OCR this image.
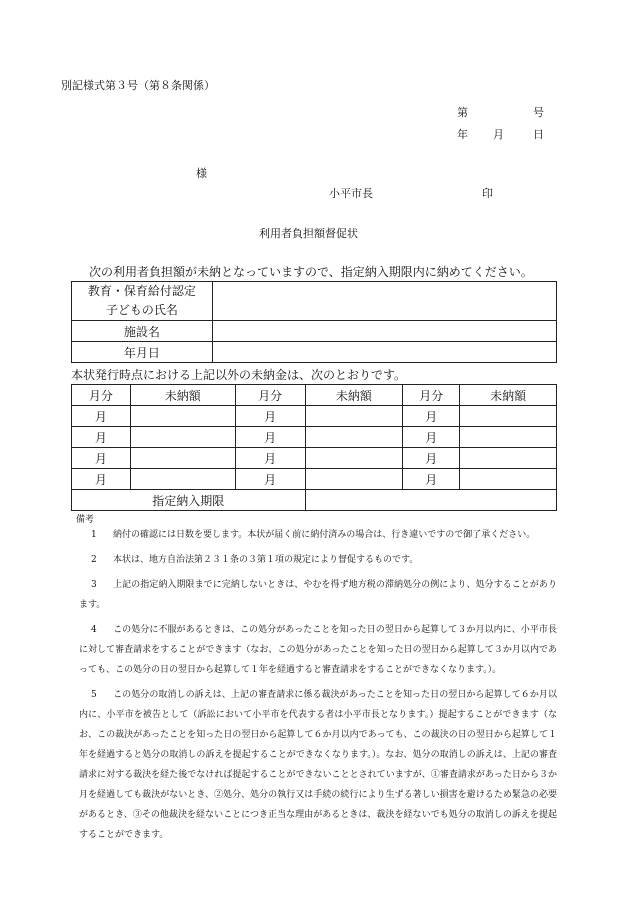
別記様式第３号（第８条関係）
第	号
年 月	日
様
小平市長	印
利用者負担額督促状
次の利用者負担額が未納となっていますので、指定納入期限内に納めてください。
教育・保育給付認定
子どもの氏名	

施設名	
年月日	
本状発行時点における上記以外の未納金は、次のとおりです。
月分	未納額	月分	未納額	月分	未納額
月		月		月	
月		月		月	
月		月		月	
月		月		月	
指定納入期限					
備考

1 納付の確認には日数を要します。本状が届く前に納付済みの場合は、行き違いですので御了承ください。

2 本状は、地方自治法第２３１条の３第１項の規定により督促するものです。

3 上記の指定納入期限までに完納しないときは、やむを得ず地方税の滞納処分の例により、処分することがあります。

4 この処分に不服があるときは、この処分があったことを知った日の翌日から起算して３か月以内に、小平市長に対して審査請求をすることができます（なお、この処分があったことを知った日の翌日から起算して３か月以内であっても、この処分の日の翌日から起算して１年を経過すると審査請求をすることができなくなります。）。

5 この処分の取消しの訴えは、上記の審査請求に係る裁決があったことを知った日の翌日から起算して６か月以内に、小平市を被告として（訴訟において小平市を代表する者は小平市長となります。）提起することができます（なお、この裁決があったことを知った日の翌日から起算して６か月以内であっても、この裁決の日の翌日から起算して１年を経過すると処分の取消しの訴えを提起することができなくなります。）。なお、処分の取消しの訴えは、上記の審査請求に対する裁決を経た後でなければ提起することができないこととされていますが、①審査請求があった日から３か月を経過しても裁決がないとき、②処分、処分の執行又は手続の続行により生ずる著しい損害を避けるため緊急の必要があるとき、③その他裁決を経ないことにつき正当な理由があるときは、裁決を経ないでも処分の取消しの訴えを提起することができます。
